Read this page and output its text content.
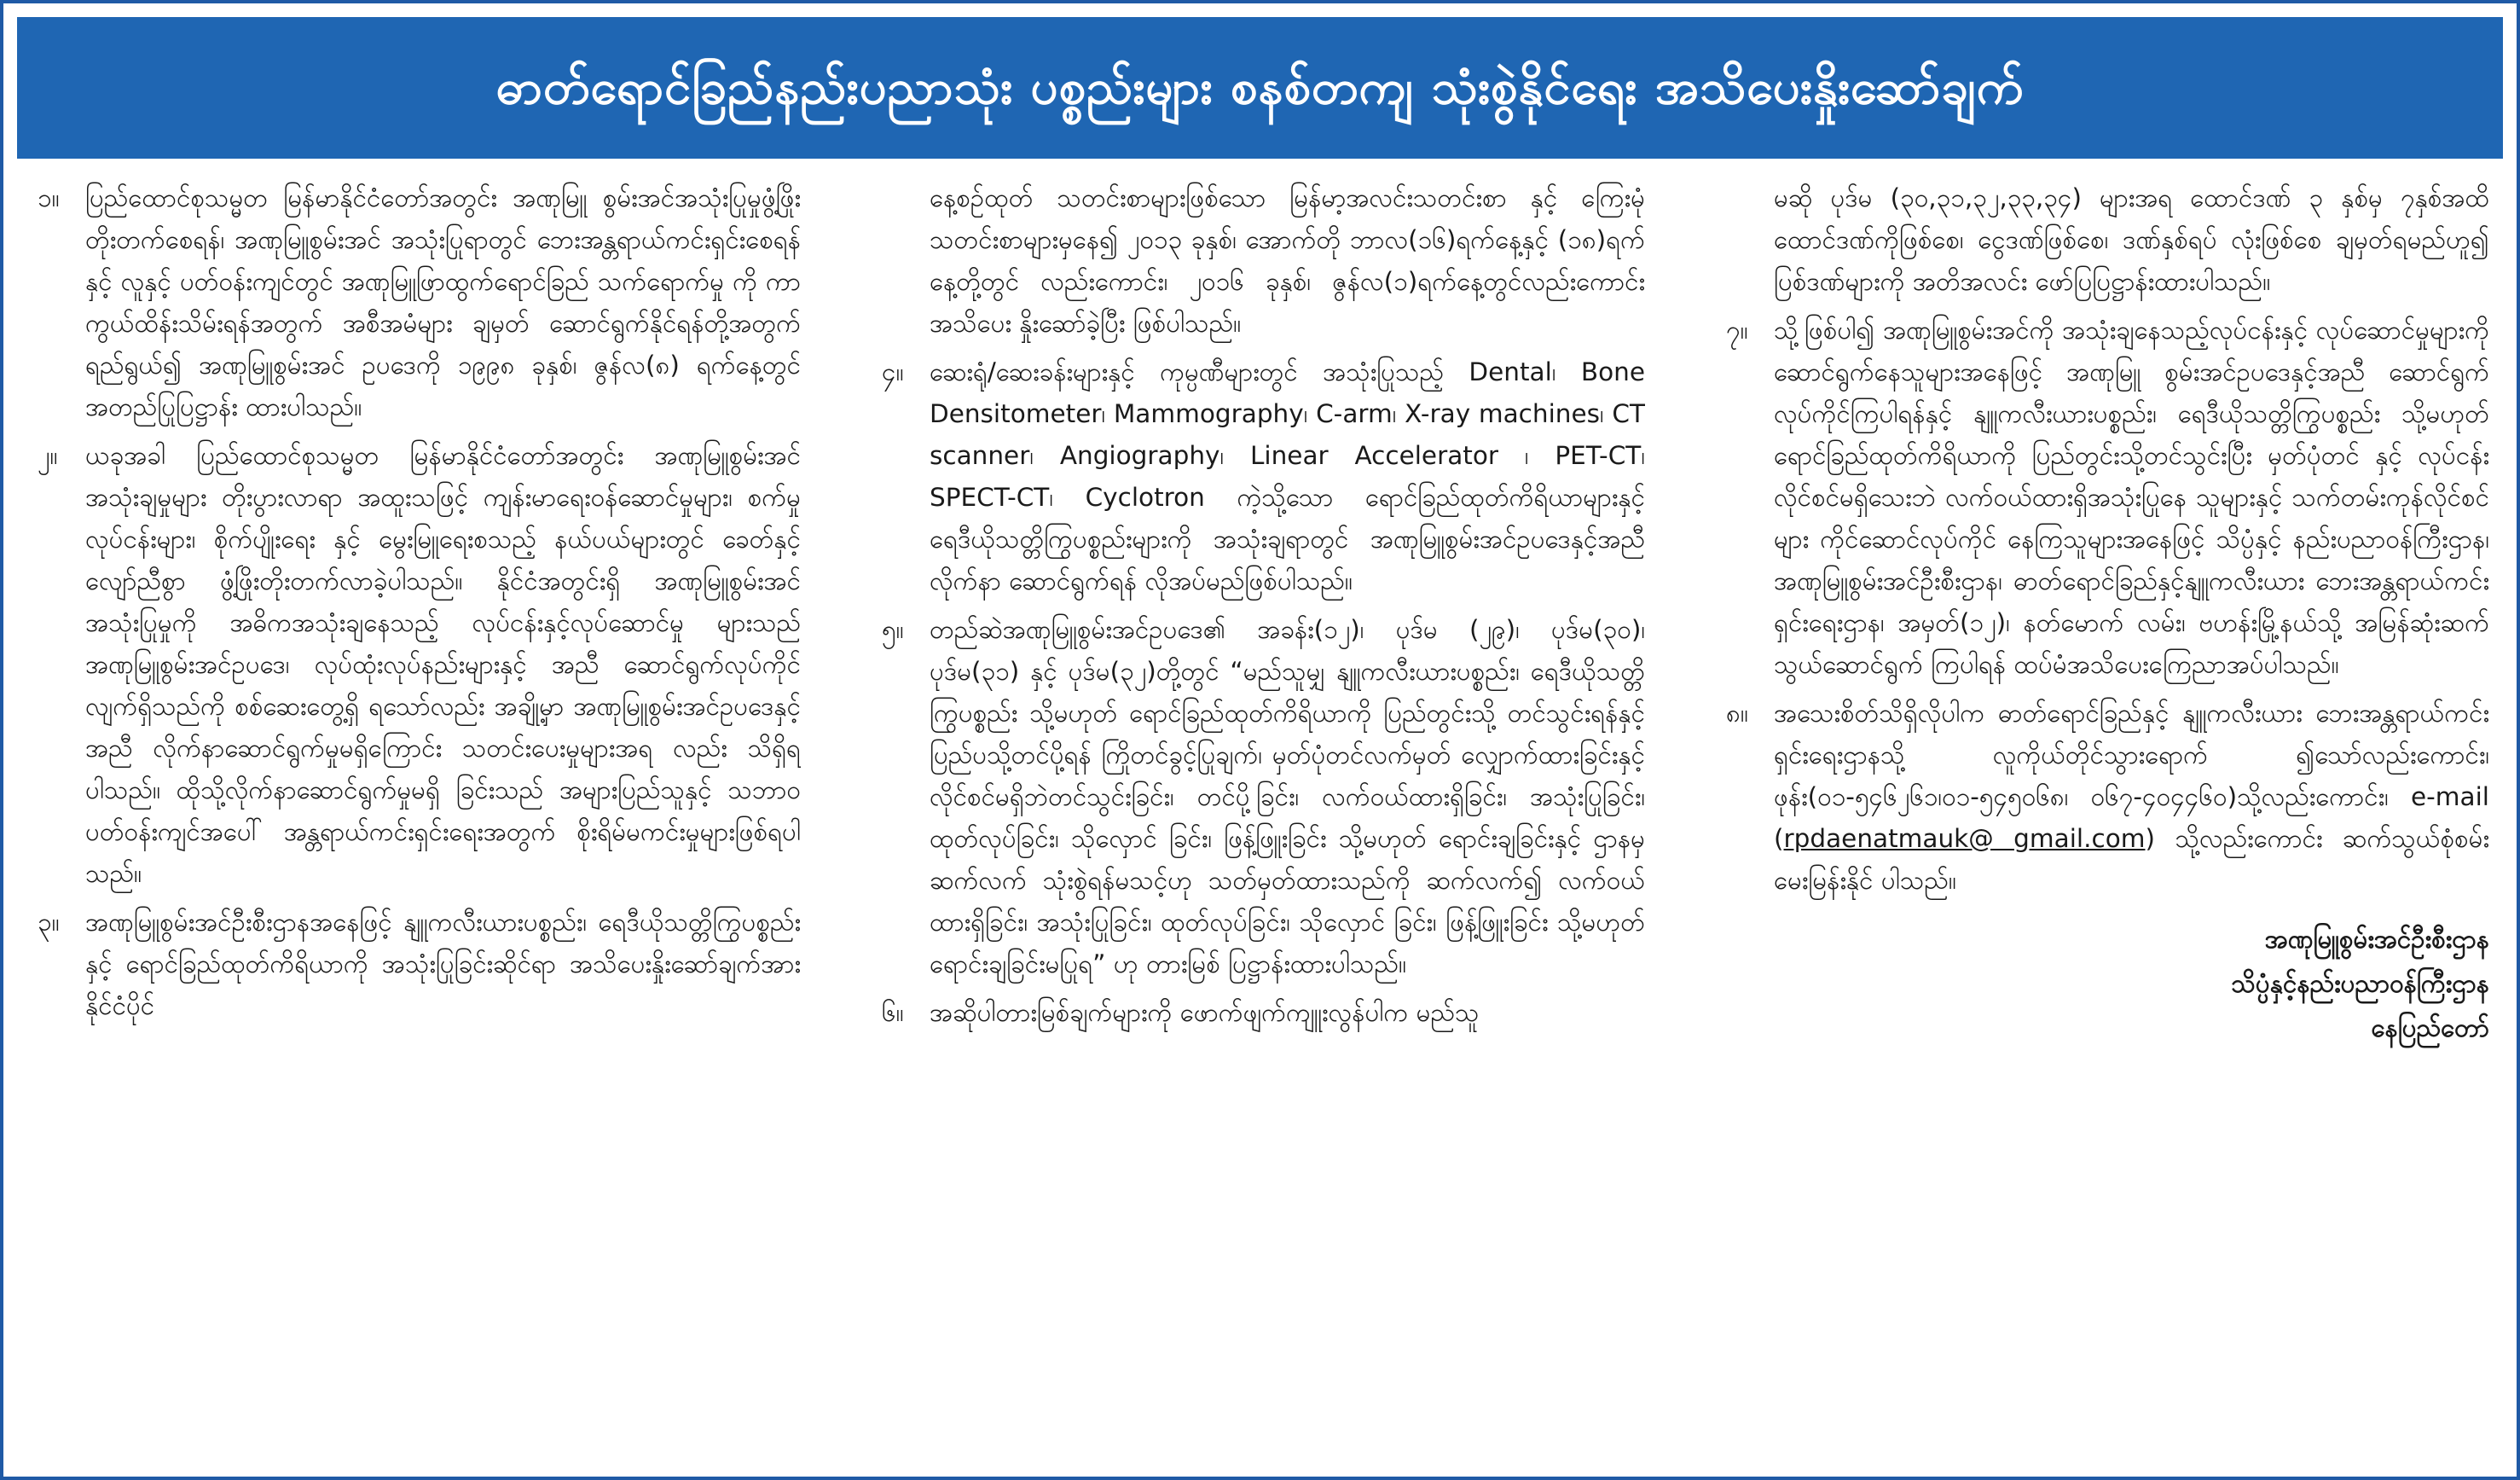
ဓာတ်ရောင်ခြည်နည်းပညာသုံး ပစ္စည်းများ စနစ်တကျ သုံးစွဲနိုင်ရေး အသိပေးနှိုးဆော်ချက်
၁။	ပြည်ထောင်စုသမ္မတ မြန်မာနိုင်ငံတော်အတွင်း အဏုမြူ စွမ်းအင်အသုံးပြုမှုဖွံ့ဖြိုးတိုးတက်စေရန်၊ အဏုမြူစွမ်းအင် အသုံးပြုရာတွင် ဘေးအန္တရာယ်ကင်းရှင်းစေရန်နှင့် လူနှင့် ပတ်ဝန်းကျင်တွင် အဏုမြူဖြာထွက်ရောင်ခြည် သက်ရောက်မှု ကို ကာကွယ်ထိန်းသိမ်းရန်အတွက် အစီအမံများ ချမှတ် ဆောင်ရွက်နိုင်ရန်တို့အတွက် ရည်ရွယ်၍ အဏုမြူစွမ်းအင် ဥပဒေကို ၁၉၉၈ ခုနှစ်၊ ဇွန်လ(၈) ရက်နေ့တွင် အတည်ပြုပြဋ္ဌာန်း ထားပါသည်။
၂။	ယခုအခါ ပြည်ထောင်စုသမ္မတ မြန်မာနိုင်ငံတော်အတွင်း အဏုမြူစွမ်းအင်အသုံးချမှုများ တိုးပွားလာရာ အထူးသဖြင့် ကျန်းမာရေးဝန်ဆောင်မှုများ၊ စက်မှုလုပ်ငန်းများ၊ စိုက်ပျိုးရေး နှင့် မွေးမြူရေးစသည့် နယ်ပယ်များတွင် ခေတ်နှင့်လျော်ညီစွာ ဖွံ့ဖြိုးတိုးတက်လာခဲ့ပါသည်။ နိုင်ငံအတွင်းရှိ အဏုမြူစွမ်းအင် အသုံးပြုမှုကို အဓိကအသုံးချနေသည့် လုပ်ငန်းနှင့်လုပ်ဆောင်မှု များသည် အဏုမြူစွမ်းအင်ဥပဒေ၊ လုပ်ထုံးလုပ်နည်းများနှင့် အညီ ဆောင်ရွက်လုပ်ကိုင်လျက်ရှိသည်ကို စစ်ဆေးတွေ့ရှိ ရသော်လည်း အချို့မှာ အဏုမြူစွမ်းအင်ဥပဒေနှင့်အညီ လိုက်နာဆောင်ရွက်မှုမရှိကြောင်း သတင်းပေးမှုများအရ လည်း သိရှိရပါသည်။ ထိုသို့လိုက်နာဆောင်ရွက်မှုမရှိ ခြင်းသည် အများပြည်သူနှင့် သဘာဝပတ်ဝန်းကျင်အပေါ် အန္တရာယ်ကင်းရှင်းရေးအတွက် စိုးရိမ်မကင်းမှုများဖြစ်ရပါ သည်။
၃။	အဏုမြူစွမ်းအင်ဦးစီးဌာနအနေဖြင့် နျူကလီးယားပစ္စည်း၊ ရေဒီယိုသတ္တိကြွပစ္စည်းနှင့် ရောင်ခြည်ထုတ်ကိရိယာကို အသုံးပြုခြင်းဆိုင်ရာ အသိပေးနှိုးဆော်ချက်အား နိုင်ငံပိုင်
နေ့စဉ်ထုတ် သတင်းစာများဖြစ်သော မြန်မာ့အလင်းသတင်းစာ နှင့် ကြေးမုံသတင်းစာများမှနေ၍ ၂၀၁၃ ခုနှစ်၊ အောက်တို ဘာလ(၁၆)ရက်နေ့နှင့် (၁၈)ရက်နေ့တို့တွင် လည်းကောင်း၊ ၂၀၁၆ ခုနှစ်၊ ဇွန်လ(၁)ရက်နေ့တွင်လည်းကောင်း အသိပေး နှိုးဆော်ခဲ့ပြီး ဖြစ်ပါသည်။
၄။	ဆေးရုံ/ဆေးခန်းများနှင့် ကုမ္ပဏီများတွင် အသုံးပြုသည့် Dental၊ Bone Densitometer၊ Mammography၊ C-arm၊ X-ray machines၊ CT scanner၊ Angiography၊ Linear Accelerator ၊ PET-CT၊ SPECT-CT၊ Cyclotron ကဲ့သို့သော ရောင်ခြည်ထုတ်ကိရိယာများနှင့် ရေဒီယိုသတ္တိကြွပစ္စည်းများကို အသုံးချရာတွင် အဏုမြူစွမ်းအင်ဥပဒေနှင့်အညီ လိုက်နာ ဆောင်ရွက်ရန် လိုအပ်မည်ဖြစ်ပါသည်။
၅။	တည်ဆဲအဏုမြူစွမ်းအင်ဥပဒေ၏ အခန်း(၁၂)၊ ပုဒ်မ (၂၉)၊ ပုဒ်မ(၃၀)၊ ပုဒ်မ(၃၁) နှင့် ပုဒ်မ(၃၂)တို့တွင် “မည်သူမျှ နျူကလီးယားပစ္စည်း၊ ရေဒီယိုသတ္တိကြွပစ္စည်း သို့မဟုတ် ရောင်ခြည်ထုတ်ကိရိယာကို ပြည်တွင်းသို့ တင်သွင်းရန်နှင့် ပြည်ပသို့တင်ပို့ရန် ကြိုတင်ခွင့်ပြုချက်၊ မှတ်ပုံတင်လက်မှတ် လျှောက်ထားခြင်းနှင့် လိုင်စင်မရှိဘဲတင်သွင်းခြင်း၊ တင်ပို့ခြင်း၊ လက်ဝယ်ထားရှိခြင်း၊ အသုံးပြုခြင်း၊ ထုတ်လုပ်ခြင်း၊ သိုလှောင် ခြင်း၊ ဖြန့်ဖြူးခြင်း သို့မဟုတ် ရောင်းချခြင်းနှင့် ဌာနမှ ဆက်လက် သုံးစွဲရန်မသင့်ဟု သတ်မှတ်ထားသည်ကို ဆက်လက်၍ လက်ဝယ်ထားရှိခြင်း၊ အသုံးပြုခြင်း၊ ထုတ်လုပ်ခြင်း၊ သိုလှောင် ခြင်း၊ ဖြန့်ဖြူးခြင်း သို့မဟုတ် ရောင်းချခြင်းမပြုရ” ဟု တားမြစ် ပြဋ္ဌာန်းထားပါသည်။
၆။	အဆိုပါတားမြစ်ချက်များကို ဖောက်ဖျက်ကျူးလွန်ပါက မည်သူ
မဆို ပုဒ်မ (၃၀,၃၁,၃၂,၃၃,၃၄) များအရ ထောင်ဒဏ် ၃ နှစ်မှ ၇နှစ်အထိ ထောင်ဒဏ်ကိုဖြစ်စေ၊ ငွေဒဏ်ဖြစ်စေ၊ ဒဏ်နှစ်ရပ် လုံးဖြစ်စေ ချမှတ်ရမည်ဟူ၍ ပြစ်ဒဏ်များကို အတိအလင်း ဖော်ပြပြဋ္ဌာန်းထားပါသည်။
၇။	သို့ဖြစ်ပါ၍ အဏုမြူစွမ်းအင်ကို အသုံးချနေသည့်လုပ်ငန်းနှင့် လုပ်ဆောင်မှုများကို ဆောင်ရွက်နေသူများအနေဖြင့် အဏုမြူ စွမ်းအင်ဥပဒေနှင့်အညီ ဆောင်ရွက်လုပ်ကိုင်ကြပါရန်နှင့် နျူကလီးယားပစ္စည်း၊ ရေဒီယိုသတ္တိကြွပစ္စည်း သို့မဟုတ် ရောင်ခြည်ထုတ်ကိရိယာကို ပြည်တွင်းသို့တင်သွင်းပြီး မှတ်ပုံတင် နှင့် လုပ်ငန်းလိုင်စင်မရှိသေးဘဲ လက်ဝယ်ထားရှိအသုံးပြုနေ သူများနှင့် သက်တမ်းကုန်လိုင်စင်များ ကိုင်ဆောင်လုပ်ကိုင် နေကြသူများအနေဖြင့် သိပ္ပံနှင့် နည်းပညာဝန်ကြီးဌာန၊ အဏုမြူစွမ်းအင်ဦးစီးဌာန၊ ဓာတ်ရောင်ခြည်နှင့်နျူကလီးယား ဘေးအန္တရာယ်ကင်းရှင်းရေးဌာန၊ အမှတ်(၁၂)၊ နတ်မောက် လမ်း၊ ဗဟန်းမြို့နယ်သို့ အမြန်ဆုံးဆက်သွယ်ဆောင်ရွက် ကြပါရန် ထပ်မံအသိပေးကြေညာအပ်ပါသည်။
၈။	အသေးစိတ်သိရှိလိုပါက ဓာတ်ရောင်ခြည်နှင့် နျူကလီးယား ဘေးအန္တရာယ်ကင်းရှင်းရေးဌာနသို့ လူကိုယ်တိုင်သွားရောက် ၍သော်လည်းကောင်း၊ ဖုန်း(၀၁-၅၄၆၂၆၁၊၀၁-၅၄၅၀၆၈၊ ၀၆၇-၄၀၄၄၆၀)သို့လည်းကောင်း၊ e-mail (rpdaenatmauk@ gmail.com) သို့လည်းကောင်း ဆက်သွယ်စုံစမ်း မေးမြန်းနိုင် ပါသည်။
အဏုမြူစွမ်းအင်ဦးစီးဌာန
သိပ္ပံနှင့်နည်းပညာဝန်ကြီးဌာန
နေပြည်တော်
